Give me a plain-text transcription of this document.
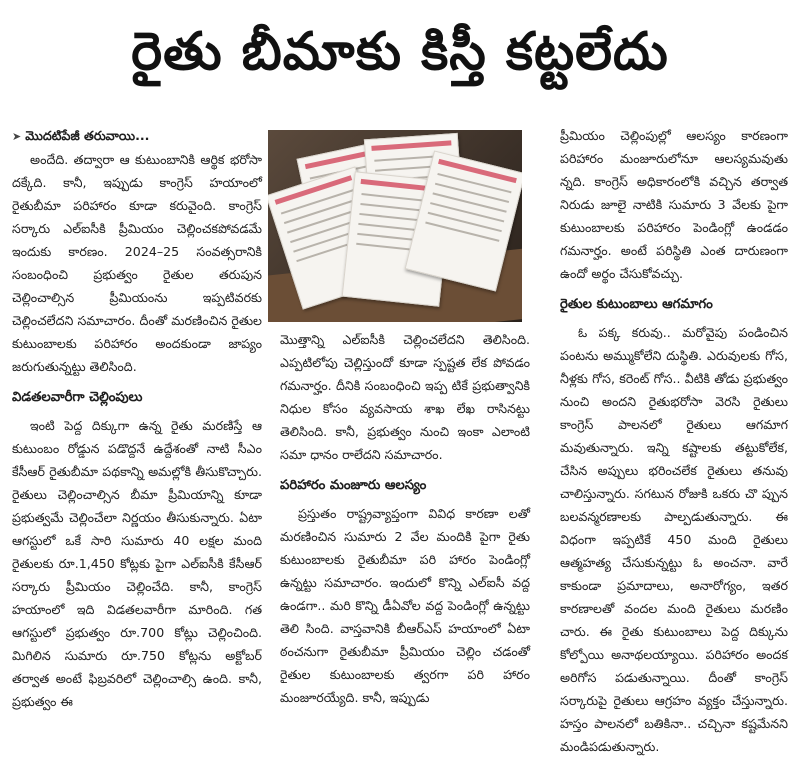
రైతు బీమాకు కిస్తీ కట్టలేదు

➤ మొదటిపేజీ తరువాయి...

అందేది. తద్వారా ఆ కుటుంబానికి ఆర్థిక భరోసా దక్కేది. కానీ, ఇప్పుడు కాంగ్రెస్ హయాంలో రైతుబీమా పరిహారం కూడా కరువైంది. కాంగ్రెస్ సర్కారు ఎల్ఐసీకి ప్రీమియం చెల్లించకపోవడమే ఇందుకు కారణం. 2024–25 సంవత్సరానికి సంబంధించి ప్రభుత్వం రైతుల తరుపున చెల్లించాల్సిన ప్రీమియంను ఇప్పటివరకు చెల్లించలేదని సమాచారం. దీంతో మరణించిన రైతుల కుటుంబాలకు పరిహారం అందకుండా జాప్యం జరుగుతున్నట్టు తెలిసింది.

విడతలవారీగా చెల్లింపులు

ఇంటి పెద్ద దిక్కుగా ఉన్న రైతు మరణిస్తే ఆ కుటుంబం రోడ్డున పడొద్దనే ఉద్దేశంతో నాటి సీఎం కేసీఆర్ రైతుబీమా పథకాన్ని అమల్లోకి తీసుకొచ్చారు. రైతులు చెల్లించాల్సిన బీమా ప్రీమియాన్ని కూడా ప్రభుత్వమే చెల్లించేలా నిర్ణయం తీసుకున్నారు. ఏటా ఆగస్టులో ఒకే సారి సుమారు 40 లక్షల మంది రైతులకు రూ.1,450 కోట్లకు పైగా ఎల్ఐసీకి కేసీఆర్ సర్కారు ప్రీమియం చెల్లించేది. కానీ, కాంగ్రెస్ హయాంలో ఇది విడతలవారీగా మారింది. గత ఆగస్టులో ప్రభుత్వం రూ.700 కోట్లు చెల్లించింది. మిగిలిన సుమారు రూ.750 కోట్లను అక్టోబర్ తర్వాత అంటే ఫిబ్రవరిలో చెల్లించాల్సి ఉంది. కానీ, ప్రభుత్వం ఈ

మొత్తాన్ని ఎల్ఐసీకి చెల్లించలేదని తెలిసింది. ఎప్పటిలోపు చెల్లిస్తుందో కూడా స్పష్టత లేక పోవడం గమనార్హం. దీనికి సంబంధించి ఇప్ప టికే ప్రభుత్వానికి నిధుల కోసం వ్యవసాయ శాఖ లేఖ రాసినట్టు తెలిసింది. కానీ, ప్రభుత్వం నుంచి ఇంకా ఎలాంటి సమా ధానం రాలేదని సమాచారం.

పరిహారం మంజూరు ఆలస్యం

ప్రస్తుతం రాష్ట్రవ్యాప్తంగా వివిధ కారణా లతో మరణించిన సుమారు 2 వేల మందికి పైగా రైతు కుటుంబాలకు రైతుబీమా పరి హారం పెండింగ్లో ఉన్నట్టు సమాచారం. ఇందులో కొన్ని ఎల్ఐసీ వద్ద ఉండగా.. మరి కొన్ని డీఏవోల వద్ద పెండింగ్లో ఉన్నట్టు తెలి సింది. వాస్తవానికి బీఆర్ఎస్ హయాంలో ఏటా ఠంచనుగా రైతుబీమా ప్రీమియం చెల్లిం చడంతో రైతుల కుటుంబాలకు త్వరగా పరి హారం మంజూరయ్యేది. కానీ, ఇప్పుడు

ప్రీమియం చెల్లింపుల్లో ఆలస్యం కారణంగా పరిహారం మంజూరులోనూ ఆలస్యమవుతు న్నది. కాంగ్రెస్ అధికారంలోకి వచ్చిన తర్వాత నిరుడు జూలై నాటికి సుమారు 3 వేలకు పైగా కుటుంబాలకు పరిహారం పెండింగ్లో ఉండడం గమనార్హం. అంటే పరిస్థితి ఎంత దారుణంగా ఉందో అర్థం చేసుకోవచ్చు.

రైతుల కుటుంబాలు ఆగమాగం

ఓ పక్క కరువు.. మరోవైపు పండించిన పంటను అమ్ముకోలేని దుస్థితి. ఎరువులకు గోస, నీళ్లకు గోస, కరెంట్ గోస.. వీటికి తోడు ప్రభుత్వం నుంచి అందని రైతుభరోసా వెరసి రైతులు కాంగ్రెస్ పాలనలో రైతులు ఆగమాగ మవుతున్నారు. ఇన్ని కష్టాలకు తట్టుకోలేక, చేసిన అప్పులు భరించలేక రైతులు తనువు చాలిస్తున్నారు. సగటున రోజుకి ఒకరు చొ ప్పున బలవన్మరణాలకు పాల్పడుతున్నారు. ఈ విధంగా ఇప్పటికే 450 మంది రైతులు ఆత్మహత్య చేసుకున్నట్టు ఓ అంచనా. వారే కాకుండా ప్రమాదాలు, అనారోగ్యం, ఇతర కారణాలతో వందల మంది రైతులు మరణిం చారు. ఈ రైతు కుటుంబాలు పెద్ద దిక్కును కోల్పోయి అనాథలయ్యాయి. పరిహారం అందక అరిగోస పడుతున్నాయి. దీంతో కాంగ్రెస్ సర్కారుపై రైతులు ఆగ్రహం వ్యక్తం చేస్తున్నారు. హస్తం పాలనలో బతికినా.. చచ్చినా కష్టమేనని మండిపడుతున్నారు.
